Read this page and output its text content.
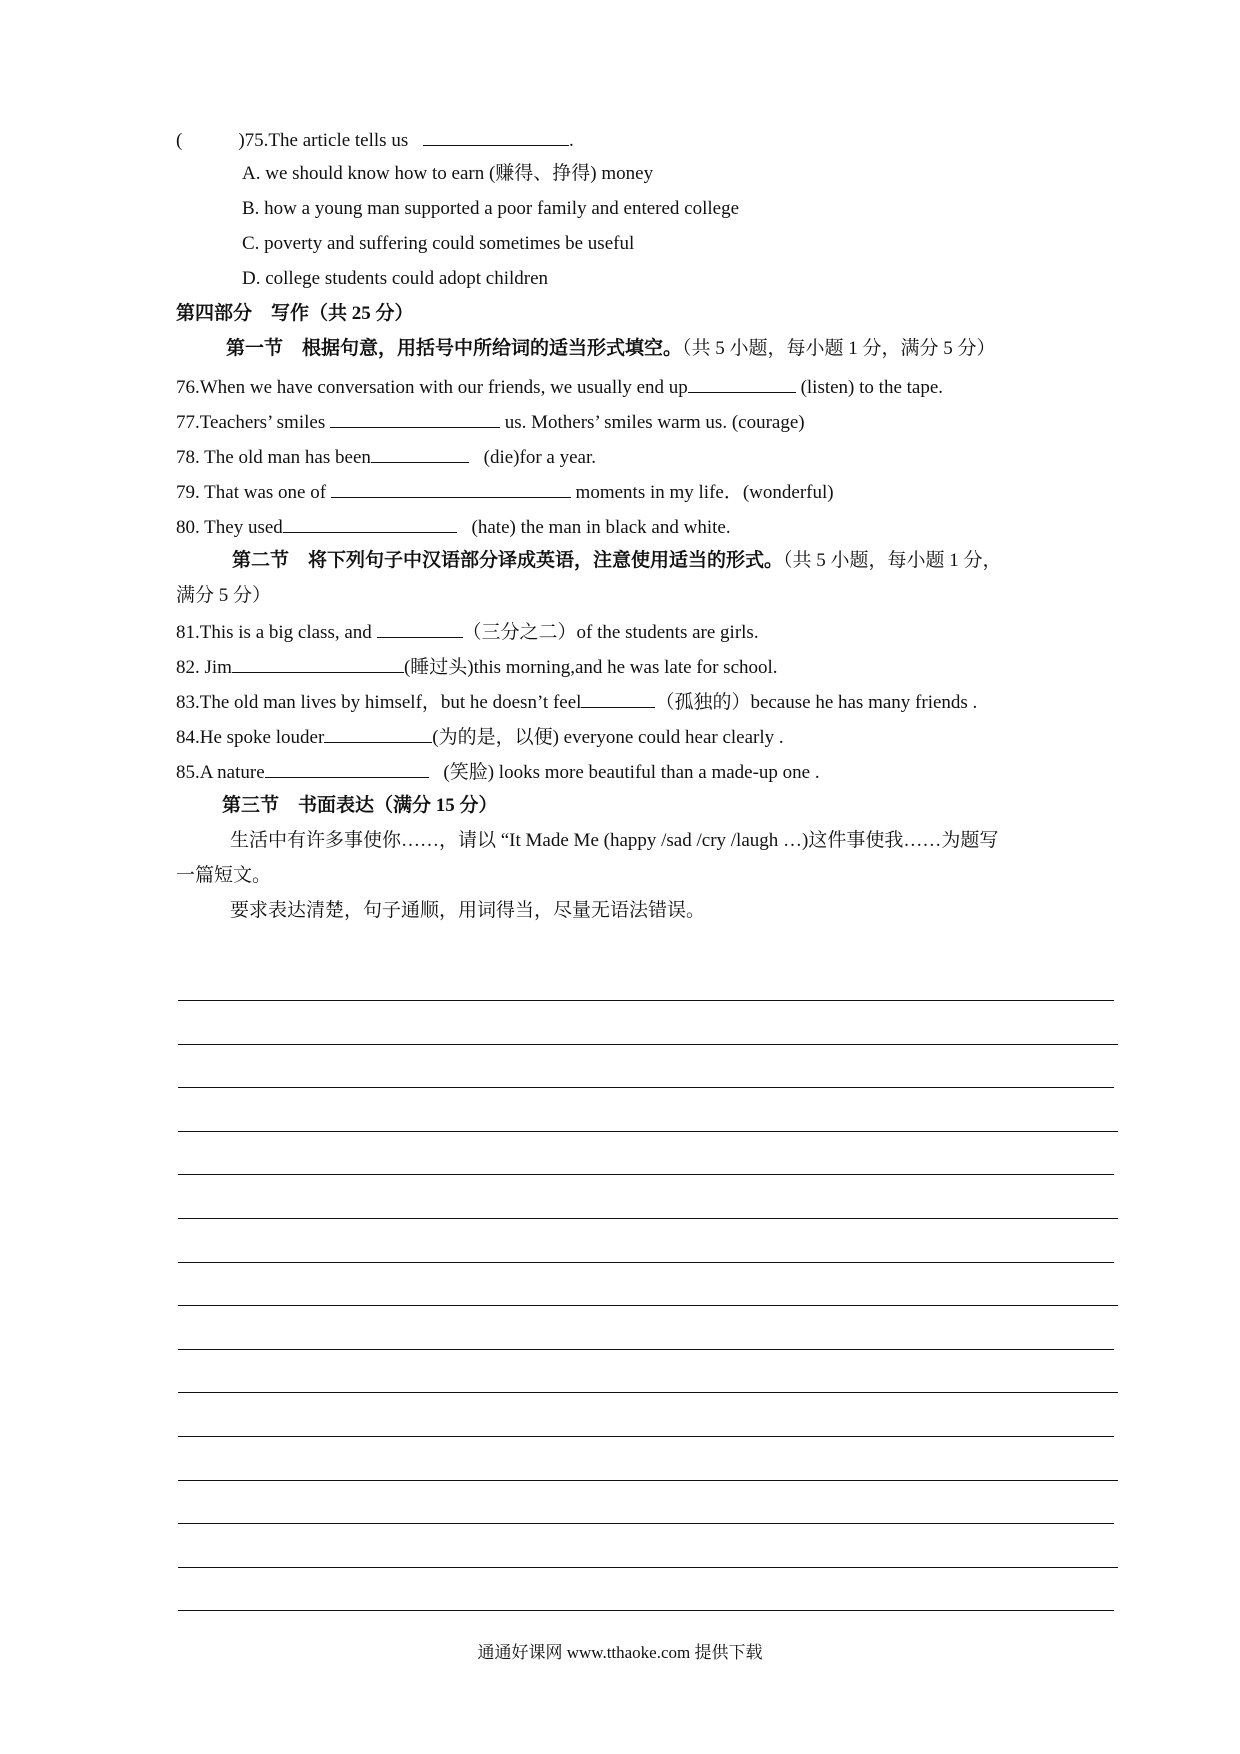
(	)75.The article tells us	.
A. we should know how to earn (赚得、挣得) money
B. how a young man supported a poor family and entered college
C. poverty and suffering could sometimes be useful
D. college students could adopt children
第四部分　写作（共 25 分）
第一节　根据句意，用括号中所给词的适当形式填空。（共 5 小题，每小题 1 分，满分 5 分）
76.When we have conversation with our friends, we usually end up	(listen) to the tape.
77.Teachers’ smiles	us. Mothers’ smiles warm us. (courage)
78. The old man has been	(die)for a year.
79. That was one of	moments in my life．(wonderful)
80. They used	(hate) the man in black and white.
第二节　将下列句子中汉语部分译成英语，注意使用适当的形式。（共 5 小题，每小题 1 分，
满分 5 分）
81.This is a big class, and	（三分之二）of the students are girls.
82. Jim	(睡过头)this morning,and he was late for school.
83.The old man lives by himself，but he doesn’t feel	（孤独的）because he has many friends .
84.He spoke louder	(为的是，以便) everyone could hear clearly .
85.A nature	(笑脸) looks more beautiful than a made-up one .
第三节　书面表达（满分 15 分）
生活中有许多事使你……，请以 “It Made Me (happy /sad /cry /laugh …)这件事使我……为题写
一篇短文。
要求表达清楚，句子通顺，用词得当，尽量无语法错误。
通通好课网 www.tthaoke.com 提供下载
